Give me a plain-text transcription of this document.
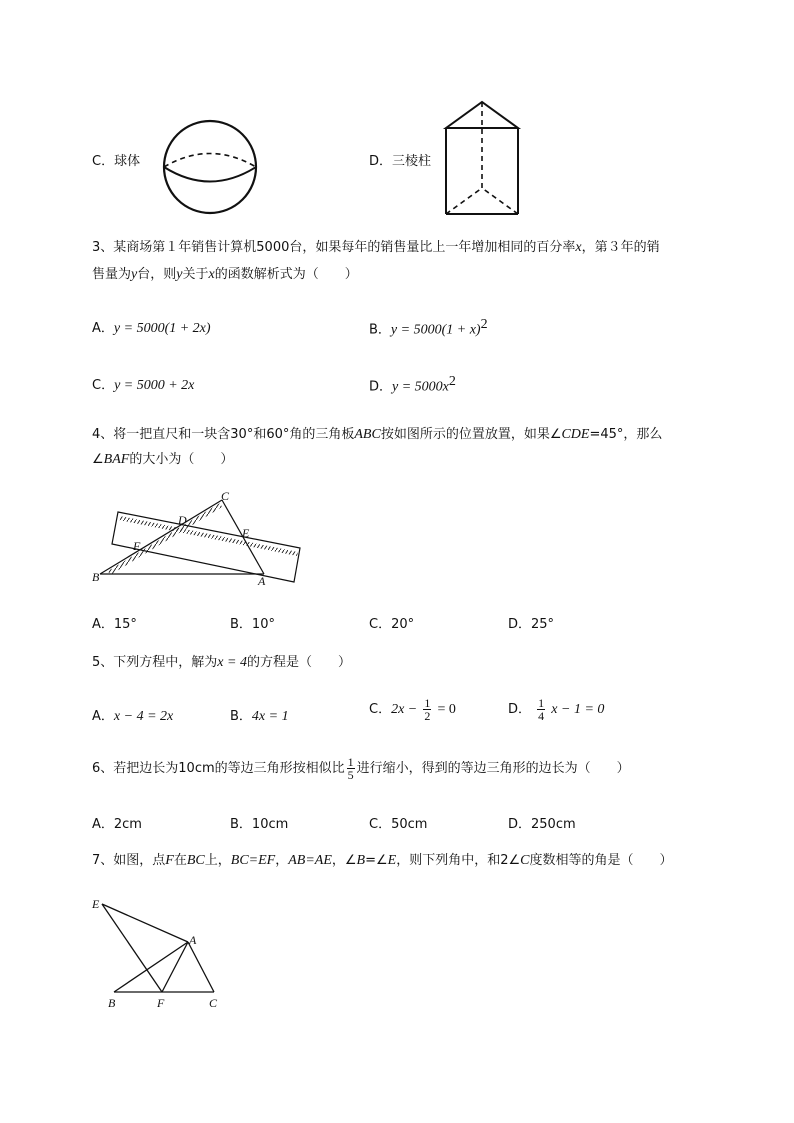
C．球体	D．三棱柱
3、某商场第１年销售计算机5000台，如果每年的销售量比上一年增加相同的百分率x，第３年的销
售量为y台，则y关于x的函数解析式为（　　）
A．y = 5000(1 + 2x)	B．$y = 5000(1 + x)^2$
C．y = 5000 + 2x	D．$y = 5000x^2$
4、将一把直尺和一块含30°和60°角的三角板ABC按如图所示的位置放置，如果∠CDE=45°，那么
∠BAF的大小为（　　）
C
D
E
F
B	A
A．15°	B．10°	C．20°	D．25°
5、下列方程中，解为x = 4的方程是（　　）
A．x − 4 = 2x	B．4x = 1	C．$2x - \frac{1}{2} = 0$	D． $\frac{1}{4}$ x − 1 = 0
6、若把边长为10cm的等边三角形按相似比 $\frac{1}{5}$ 进行缩小，得到的等边三角形的边长为（　　）
A．2cm	B．10cm	C．50cm	D．250cm
7、如图，点F在BC上，BC=EF，AB=AE，∠B=∠E，则下列角中，和2∠C度数相等的角是（　　）
E
A
B	F	C
